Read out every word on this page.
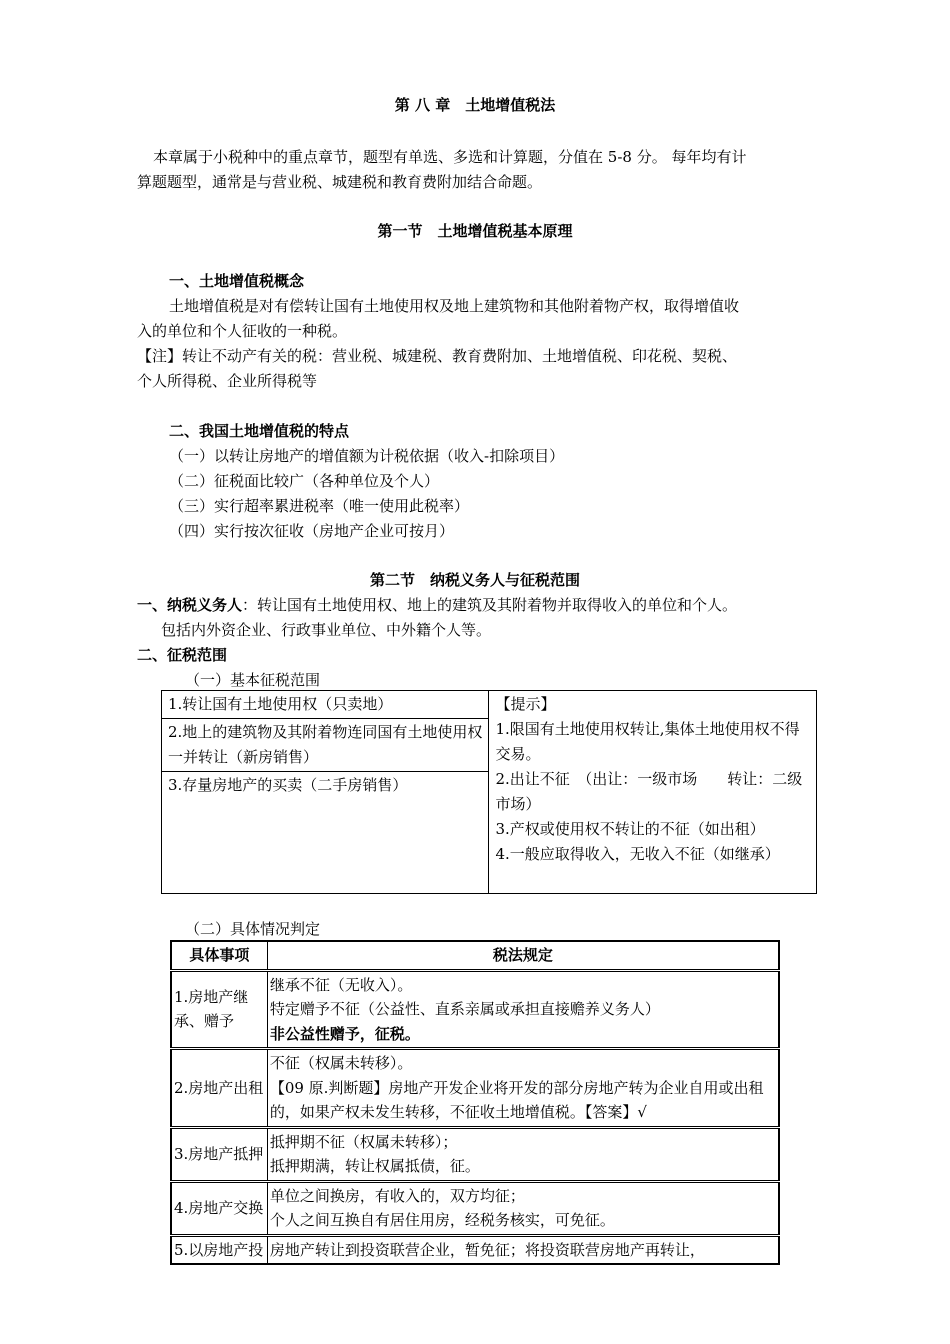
第 八 章　土地增值税法
本章属于小税种中的重点章节，题型有单选、多选和计算题，分值在 5-8 分。 每年均有计
算题题型，通常是与营业税、城建税和教育费附加结合命题。
第一节　土地增值税基本原理
一、土地增值税概念
土地增值税是对有偿转让国有土地使用权及地上建筑物和其他附着物产权，取得增值收
入的单位和个人征收的一种税。
【注】转让不动产有关的税：营业税、城建税、教育费附加、土地增值税、印花税、契税、
个人所得税、企业所得税等
二、我国土地增值税的特点
（一）以转让房地产的增值额为计税依据（收入-扣除项目）
（二）征税面比较广（各种单位及个人）
（三）实行超率累进税率（唯一使用此税率）
（四）实行按次征收（房地产企业可按月）
第二节　纳税义务人与征税范围
一、纳税义务人：转让国有土地使用权、地上的建筑及其附着物并取得收入的单位和个人。
包括内外资企业、行政事业单位、中外籍个人等。
二、征税范围
（一）基本征税范围
1.转让国有土地使用权（只卖地）	【提示】
1.限国有土地使用权转让,集体土地使用权不得交易。
2.出让不征　（出让：一级市场　　转让：二级市场）
3.产权或使用权不转让的不征（如出租）
4.一般应取得收入，无收入不征（如继承）

2.地上的建筑物及其附着物连同国有土地使用权一并转让（新房销售）
3.存量房地产的买卖（二手房销售）
（二）具体情况判定
具体事项	税法规定
1.房地产继承、赠予	继承不征（无收入）。
特定赠予不征（公益性、直系亲属或承担直接赡养义务人）
非公益性赠予，征税。

2.房地产出租	不征（权属未转移）。
【09 原.判断题】房地产开发企业将开发的部分房地产转为企业自用或出租的，如果产权未发生转移，不征收土地增值税。【答案】√

3.房地产抵押	抵押期不征（权属未转移）；
抵押期满，转让权属抵债，征。

4.房地产交换	单位之间换房，有收入的，双方均征；
个人之间互换自有居住用房，经税务核实，可免征。

5.以房地产投	房地产转让到投资联营企业，暂免征；将投资联营房地产再转让，
